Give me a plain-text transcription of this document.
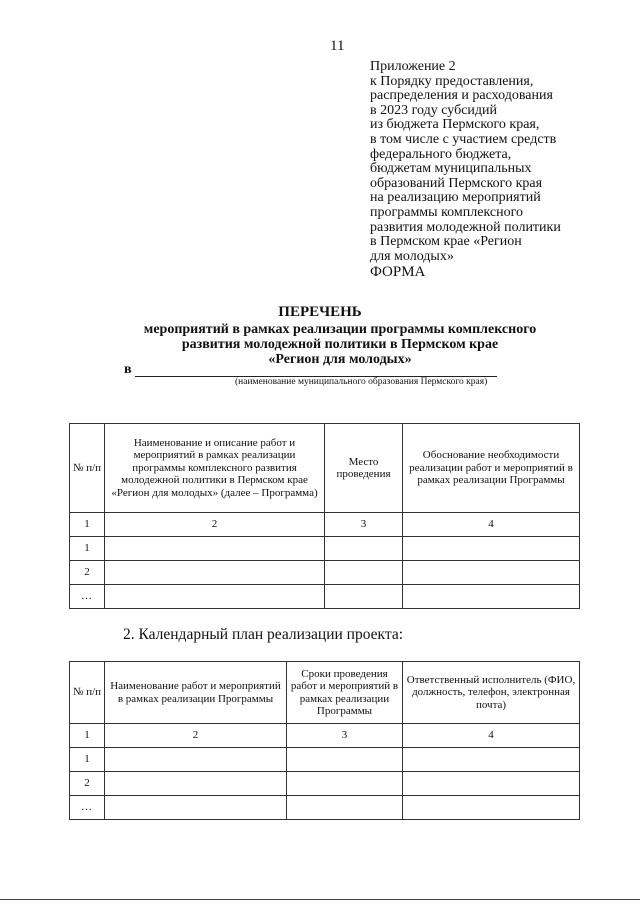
11
Приложение 2
к Порядку предоставления,
распределения и расходования
в 2023 году субсидий
из бюджета Пермского края,
в том числе с участием средств
федерального бюджета,
бюджетам муниципальных
образований Пермского края
на реализацию мероприятий
программы комплексного
развития молодежной политики
в Пермском крае «Регион
для молодых»
ФОРМА
ПЕРЕЧЕНЬ
мероприятий в рамках реализации программы комплексного
развития молодежной политики в Пермском крае
«Регион для молодых»
в
(наименование муниципального образования Пермского края)
№ п/п	Наименование и описание работ и мероприятий в рамках реализации программы комплексного развития молодежной политики в Пермском крае «Регион для молодых» (далее – Программа)	Место проведения	Обоснование необходимости реализации работ и мероприятий в рамках реализации Программы
1	2	3	4
1			
2			
…			
2. Календарный план реализации проекта:
№ п/п	Наименование работ и мероприятий в рамках реализации Программы	Сроки проведения работ и мероприятий в рамках реализации Программы	Ответственный исполнитель (ФИО, должность, телефон, электронная почта)
1	2	3	4
1			
2			
…			
